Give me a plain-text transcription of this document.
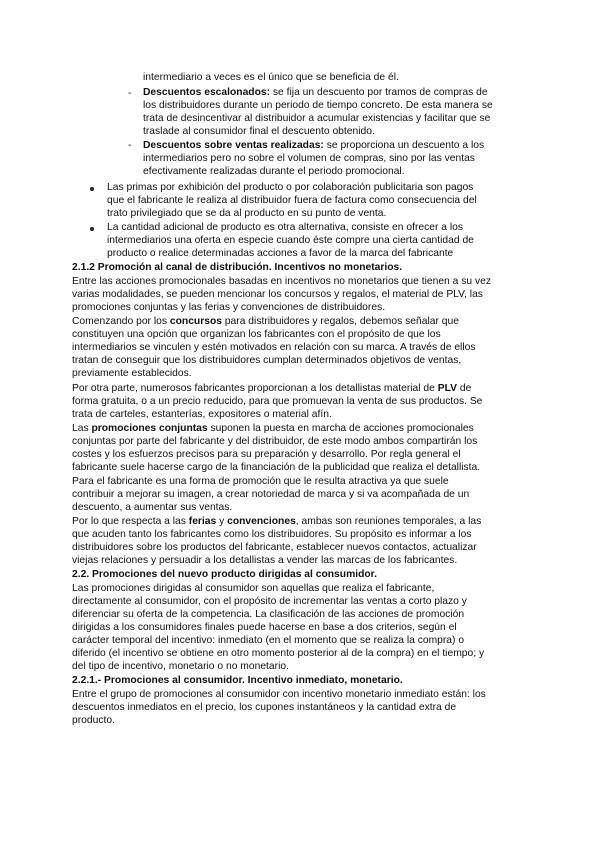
-
-
intermediario a veces es el único que se beneficia de él.
Descuentos escalonados: se fija un descuento por tramos de compras de
los distribuidores durante un periodo de tiempo concreto. De esta manera se
trata de desincentivar al distribuidor a acumular existencias y facilitar que se
traslade al consumidor final el descuento obtenido.
Descuentos sobre ventas realizadas: se proporciona un descuento a los
intermediarios pero no sobre el volumen de compras, sino por las ventas
efectivamente realizadas durante el periodo promocional.
Las primas por exhibición del producto o por colaboración publicitaria son pagos
que el fabricante le realiza al distribuidor fuera de factura como consecuencia del
trato privilegiado que se da al producto en su punto de venta.
La cantidad adicional de producto es otra alternativa, consiste en ofrecer a los
intermediarios una oferta en especie cuando éste compre una cierta cantidad de
producto o realice determinadas acciones a favor de la marca del fabricante
2.1.2 Promoción al canal de distribución. Incentivos no monetarios.
Entre las acciones promocionales basadas en incentivos no monetarios que tienen a su vez
varias modalidades, se pueden mencionar los concursos y regalos, el material de PLV, las
promociones conjuntas y las ferias y convenciones de distribuidores.
Comenzando por los concursos para distribuidores y regalos, debemos señalar que
constituyen una opción que organizan los fabricantes con el propósito de que los
intermediarios se vinculen y estén motivados en relación con su marca. A través de ellos
tratan de conseguir que los distribuidores cumplan determinados objetivos de ventas,
previamente establecidos.
Por otra parte, numerosos fabricantes proporcionan a los detallistas material de PLV de
forma gratuita, o a un precio reducido, para que promuevan la venta de sus productos. Se
trata de carteles, estanterías, expositores o material afín.
Las promociones conjuntas suponen la puesta en marcha de acciones promocionales
conjuntas por parte del fabricante y del distribuidor, de este modo ambos compartirán los
costes y los esfuerzos precisos para su preparación y desarrollo. Por regla general el
fabricante suele hacerse cargo de la financiación de la publicidad que realiza el detallista.
Para el fabricante es una forma de promoción que le resulta atractiva ya que suele
contribuir a mejorar su imagen, a crear notoriedad de marca y si va acompañada de un
descuento, a aumentar sus ventas.
Por lo que respecta a las ferias y convenciones, ambas son reuniones temporales, a las
que acuden tanto los fabricantes como los distribuidores. Su propósito es informar a los
distribuidores sobre los productos del fabricante, establecer nuevos contactos, actualizar
viejas relaciones y persuadir a los detallistas a vender las marcas de los fabricantes.
2.2. Promociones del nuevo producto dirigidas al consumidor.
Las promociones dirigidas al consumidor son aquellas que realiza el fabricante,
directamente al consumidor, con el propósito de incrementar las ventas a corto plazo y
diferenciar su oferta de la competencia. La clasificación de las acciones de promoción
dirigidas a los consumidores finales puede hacerse en base a dos criterios, según el
carácter temporal del incentivo: inmediato (en el momento que se realiza la compra) o
diferido (el incentivo se obtiene en otro momento posterior al de la compra) en el tiempo; y
del tipo de incentivo, monetario o no monetario.
2.2.1.- Promociones al consumidor. Incentivo inmediato, monetario.
Entre el grupo de promociones al consumidor con incentivo monetario inmediato están: los
descuentos inmediatos en el precio, los cupones instantáneos y la cantidad extra de
producto.
